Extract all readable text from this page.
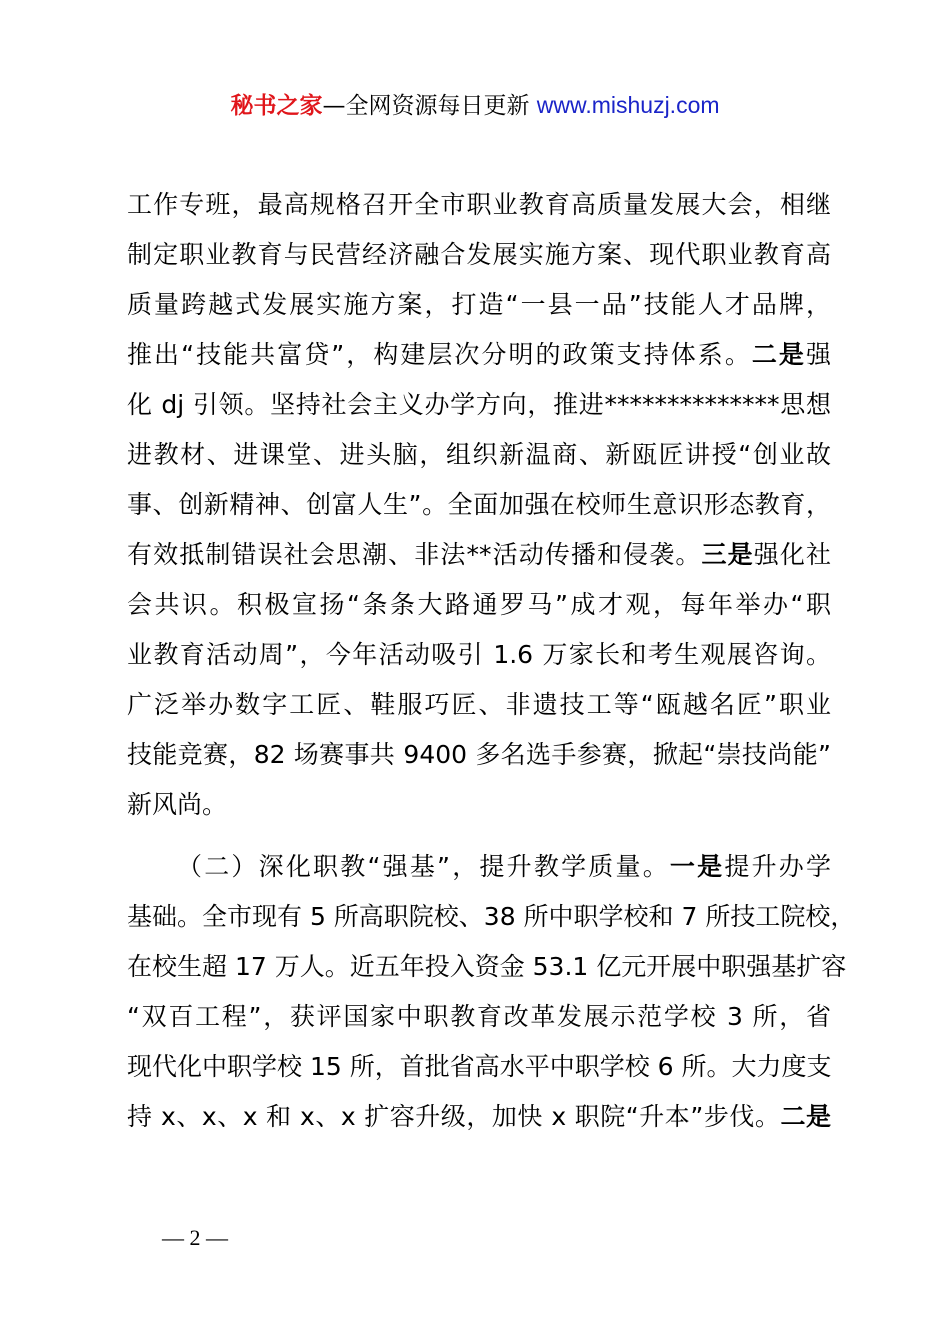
秘书之家—全网资源每日更新 www.mishuzj.com
工作专班，最高规格召开全市职业教育高质量发展大会，相继
制定职业教育与民营经济融合发展实施方案、现代职业教育高
质量跨越式发展实施方案，打造“一县一品”技能人才品牌，
推出“技能共富贷”，构建层次分明的政策支持体系。二是强
化 dj 引领。坚持社会主义办学方向，推进**************思想
进教材、进课堂、进头脑，组织新温商、新瓯匠讲授“创业故
事、创新精神、创富人生”。全面加强在校师生意识形态教育，
有效抵制错误社会思潮、非法**活动传播和侵袭。三是强化社
会共识。积极宣扬“条条大路通罗马”成才观，每年举办“职
业教育活动周”，今年活动吸引 1.6 万家长和考生观展咨询。
广泛举办数字工匠、鞋服巧匠、非遗技工等“瓯越名匠”职业
技能竞赛，82 场赛事共 9400 多名选手参赛，掀起“崇技尚能”
新风尚。
（二）深化职教“强基”，提升教学质量。一是提升办学
基础。全市现有 5 所高职院校、38 所中职学校和 7 所技工院校，
在校生超 17 万人。近五年投入资金 53.1 亿元开展中职强基扩容
“双百工程”，获评国家中职教育改革发展示范学校 3 所，省
现代化中职学校 15 所，首批省高水平中职学校 6 所。大力度支
持 x、x、x 和 x、x 扩容升级，加快 x 职院“升本”步伐。二是
— 2 —
